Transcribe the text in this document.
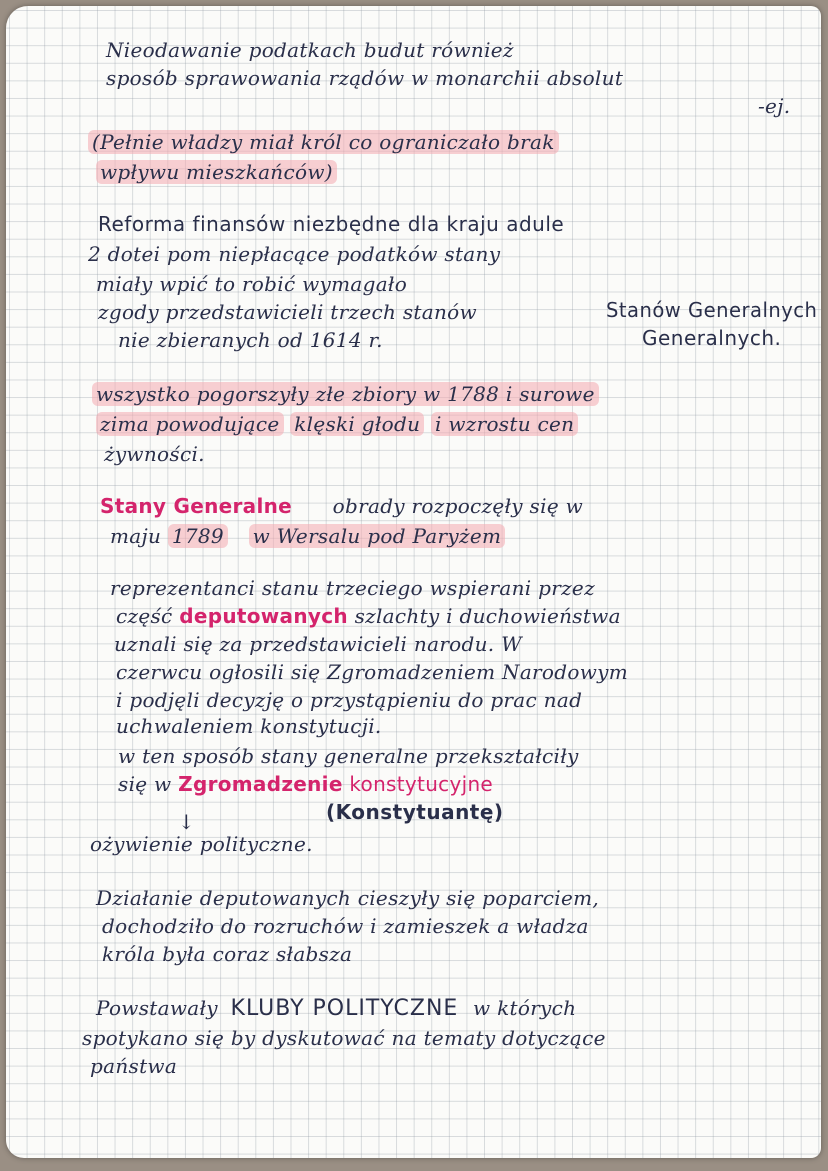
Nieodawanie podatkach budut również
sposób sprawowania rządów w monarchii absolut
-ej.
(Pełnie władzy miał król co ograniczało brak
wpływu mieszkańców)
Reforma finansów niezbędne dla kraju adule
2 dotei pom niepłacące podatków stany
miały wpić to robić wymagało
zgody przedstawicieli trzech stanów	Stanów Generalnych
nie zbieranych od 1614 r.	Generalnych.
wszystko pogorszyły złe zbiory w 1788 i surowe
zima powodujące klęski głodu i wzrostu cen
żywności.
Stany Generalne obrady rozpoczęły się w
maju 1789 w Wersalu pod Paryżem
reprezentanci stanu trzeciego wspierani przez
część deputowanych szlachty i duchowieństwa
uznali się za przedstawicieli narodu. W
czerwcu ogłosili się Zgromadzeniem Narodowym
i podjęli decyzję o przystąpieniu do prac nad
uchwaleniem konstytucji.
w ten sposób stany generalne przekształciły
się w Zgromadzenie konstytucyjne
(Konstytuantę)
↓
ożywienie polityczne.
Działanie deputowanych cieszyły się poparciem,
dochodziło do rozruchów i zamieszek a władza
króla była coraz słabsza
Powstawały KLUBY POLITYCZNE w których
spotykano się by dyskutować na tematy dotyczące
państwa
